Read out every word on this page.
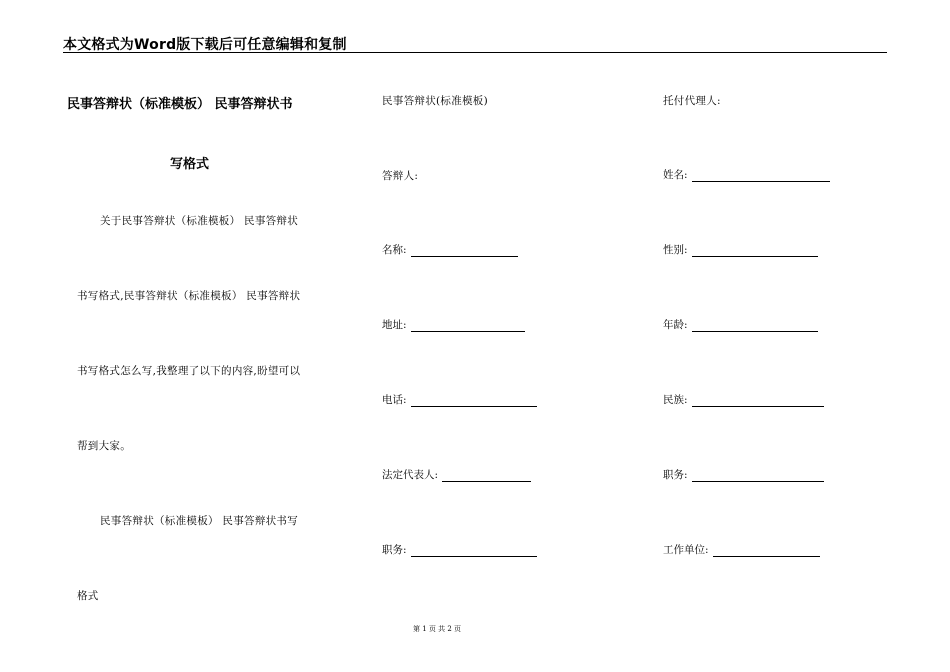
本文格式为Word版下载后可任意编辑和复制
民事答辩状（标准模板） 民事答辩状书
写格式
关于民事答辩状（标准模板） 民事答辩状
书写格式,民事答辩状（标准模板） 民事答辩状
书写格式怎么写,我整理了以下的内容,盼望可以
帮到大家。
民事答辩状（标准模板） 民事答辩状书写
格式
民事答辩状(标准模板)
答辩人:
名称:
地址:
电话:
法定代表人:
职务:
托付代理人:
姓名:
性别:
年龄:
民族:
职务:
工作单位:
第 1 页 共 2 页
